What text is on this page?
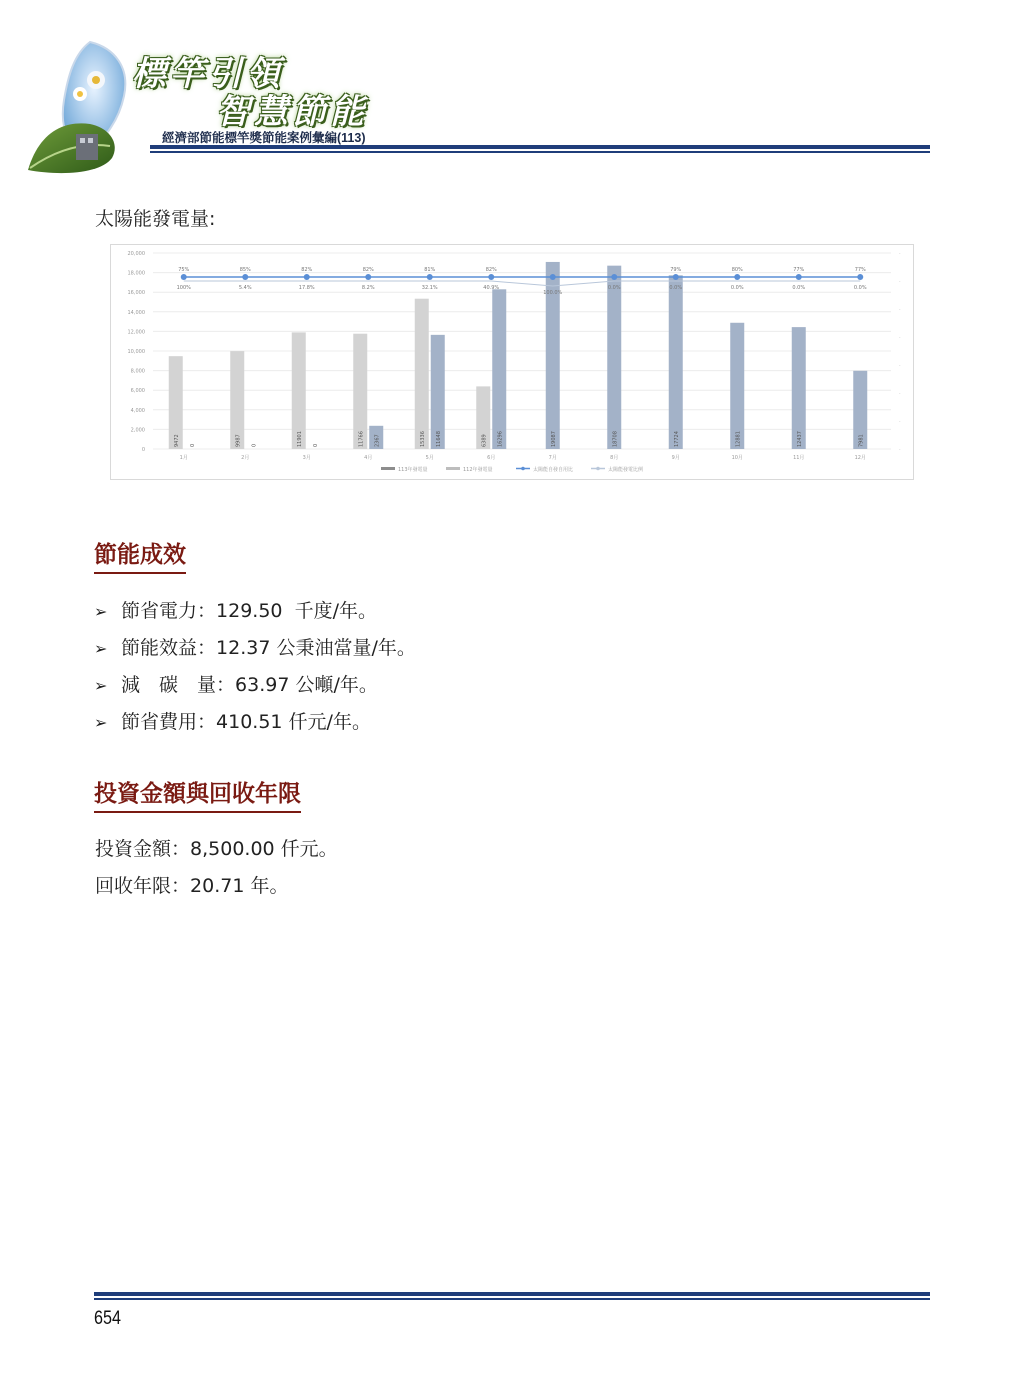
標竿引領
智慧節能
經濟部節能標竿獎節能案例彙編(113)
太陽能發電量:
20,000
18,000
16,000
14,000
12,000
10,000
8,000
6,000
4,000
2,000
0
0
9472
1月
0
9987
2月
0
11901
3月
2367
11766
4月
11648
15336
5月
16296
6389
6月
19087
7月
18708
8月
17724
9月
12881
10月
12437
11月
7981
12月
75%
100%
85%
5.4%
82%
17.8%
82%
8.2%
81%
32.1%
82%
40.9%
100.0%
0.0%
79%
0.0%
80%
0.0%
77%
0.0%
77%
0.0%
-
-
-
-
-
-
-
-
113年發電量	112年發電量	太陽能自發自用比	太陽能發電比例
節能成效
➢ 節省電力：129.50  千度/年。
➢ 節能效益：12.37 公秉油當量/年。
➢ 減　碳　量：63.97 公噸/年。
➢ 節省費用：410.51 仟元/年。
投資金額與回收年限
投資金額：8,500.00 仟元。
回收年限：20.71 年。
654
